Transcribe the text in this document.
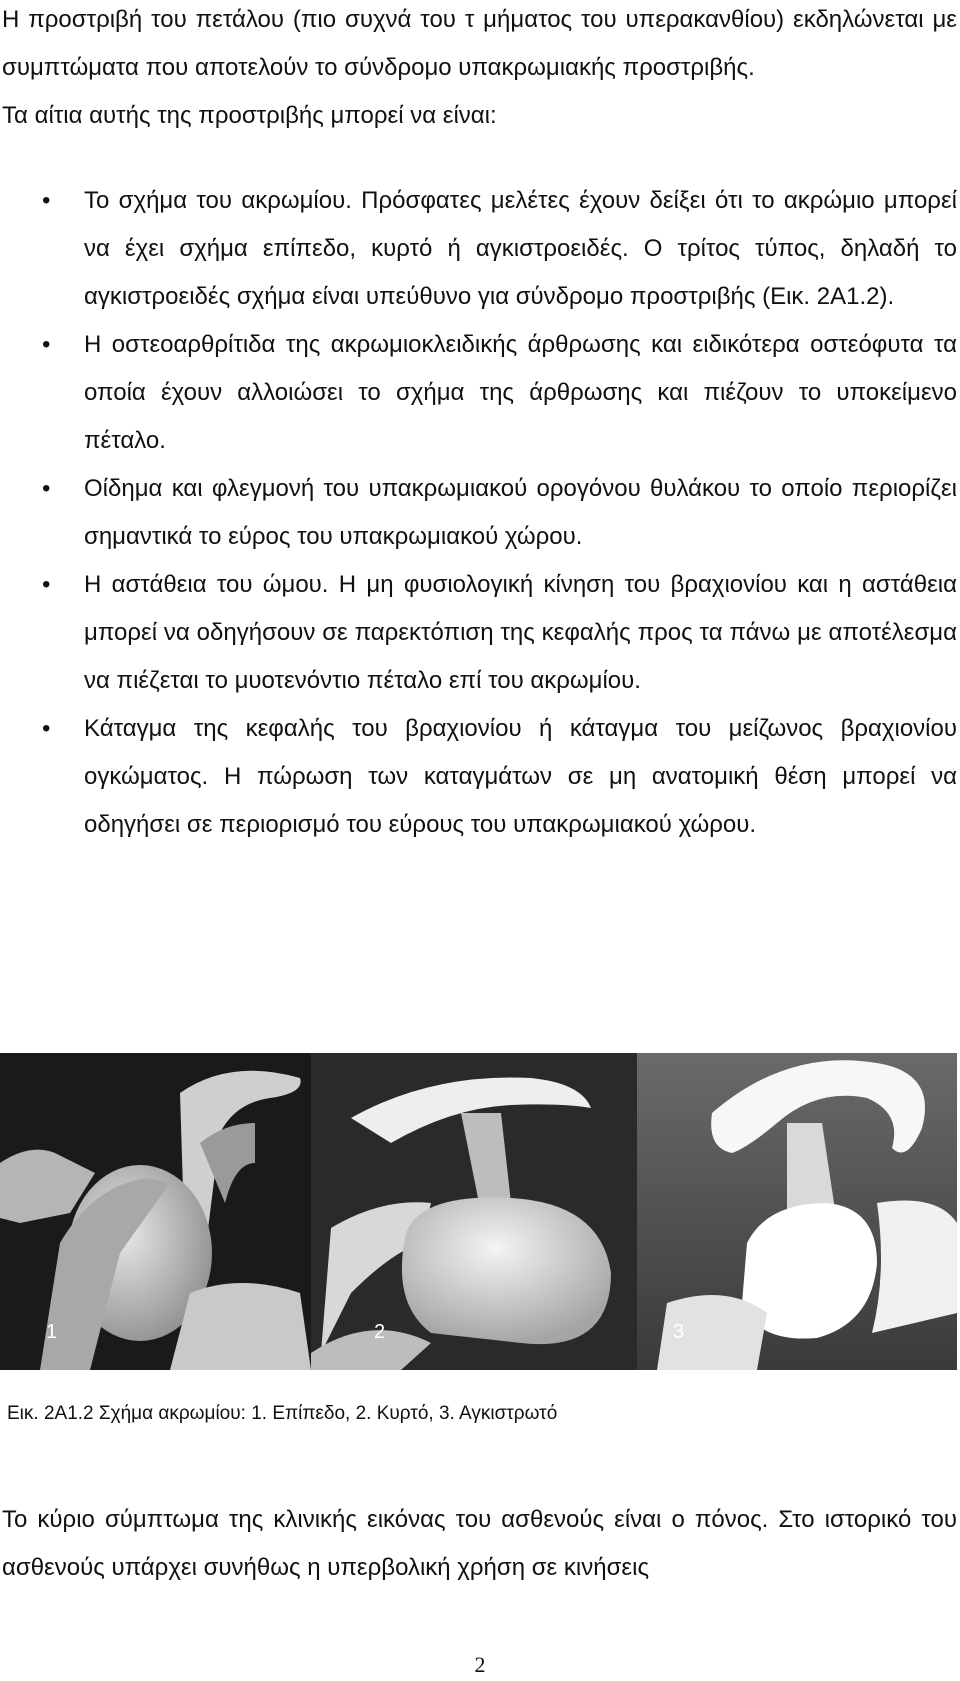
Η προστριβή του πετάλου (πιο συχνά του τ μήματος του υπερακανθίου) εκδηλώνεται με συμπτώματα που αποτελούν το σύνδρομο υπακρωμιακής προστριβής.

Τα αίτια αυτής της προστριβής μπορεί να είναι:

• Το σχήμα του ακρωμίου. Πρόσφατες μελέτες έχουν δείξει ότι το ακρώμιο μπορεί να έχει σχήμα επίπεδο, κυρτό ή αγκιστροειδές. Ο τρίτος τύπος, δηλαδή το αγκιστροειδές σχήμα είναι υπεύθυνο για σύνδρομο προστριβής (Εικ. 2Α1.2).
• Η οστεοαρθρίτιδα της ακρωμιοκλειδικής άρθρωσης και ειδικότερα οστεόφυτα τα οποία έχουν αλλοιώσει το σχήμα της άρθρωσης και πιέζουν το υποκείμενο πέταλο.
• Οίδημα και φλεγμονή του υπακρωμιακού ορογόνου θυλάκου το οποίο περιορίζει σημαντικά το εύρος του υπακρωμιακού χώρου.
• Η αστάθεια του ώμου. Η μη φυσιολογική κίνηση του βραχιονίου και η αστάθεια μπορεί να οδηγήσουν σε παρεκτόπιση της κεφαλής προς τα πάνω με αποτέλεσμα να πιέζεται το μυοτενόντιο πέταλο επί του ακρωμίου.
• Κάταγμα της κεφαλής του βραχιονίου ή κάταγμα του μείζωνος βραχιονίου ογκώματος. Η πώρωση των καταγμάτων σε μη ανατομική θέση μπορεί να οδηγήσει σε περιορισμό του εύρους του υπακρωμιακού χώρου.
1	2	3
Εικ. 2Α1.2 Σχήμα ακρωμίου: 1. Επίπεδο, 2. Κυρτό, 3. Αγκιστρωτό

Το κύριο σύμπτωμα της κλινικής εικόνας του ασθενούς είναι ο πόνος. Στο ιστορικό του ασθενούς υπάρχει συνήθως η υπερβολική χρήση σε κινήσεις

2
